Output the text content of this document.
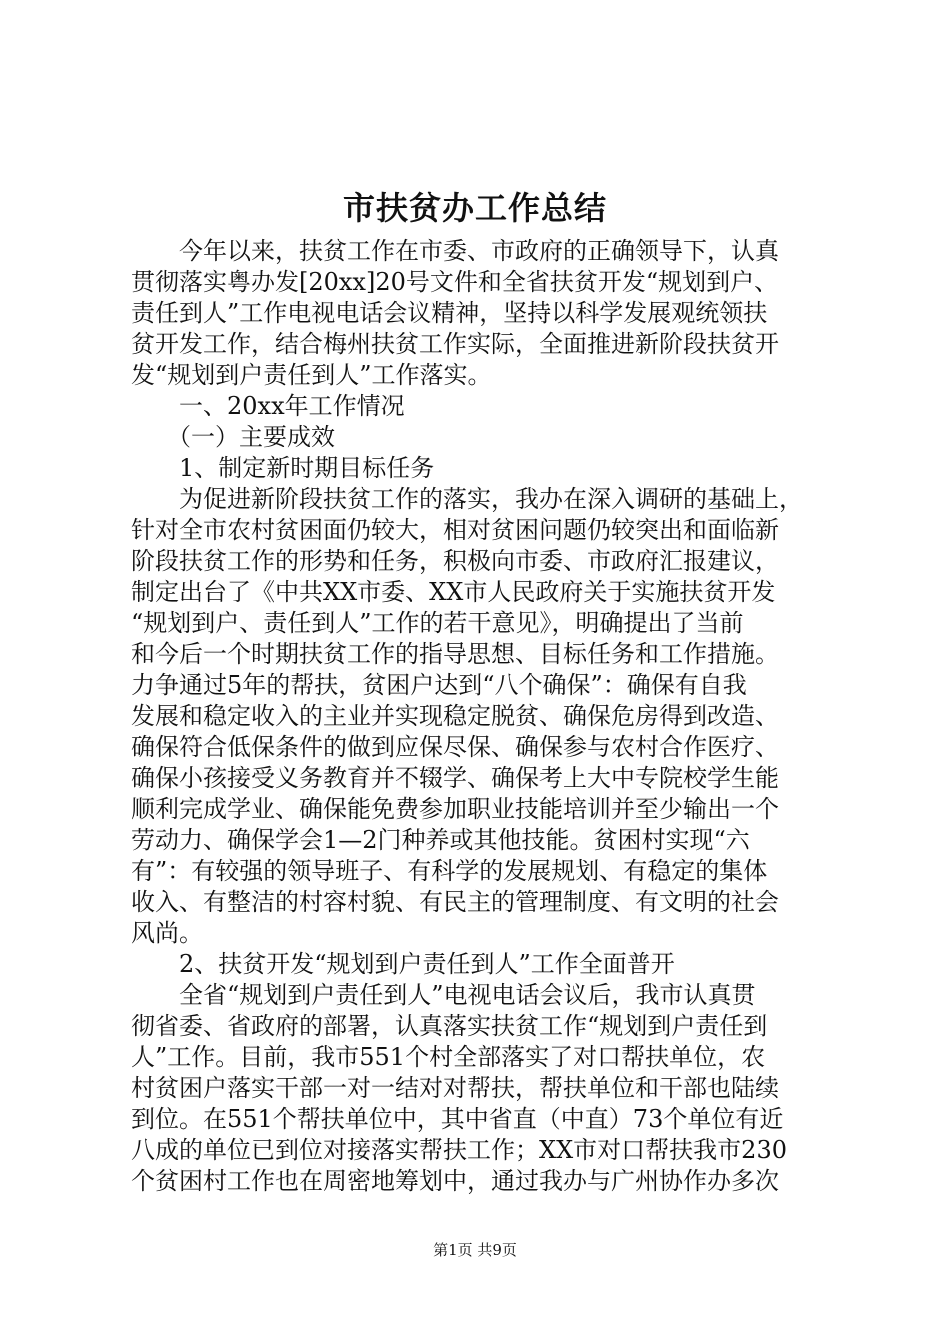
市扶贫办工作总结
　　今年以来，扶贫工作在市委、市政府的正确领导下，认真
贯彻落实粤办发[20xx]20号文件和全省扶贫开发“规划到户、
责任到人”工作电视电话会议精神，坚持以科学发展观统领扶
贫开发工作，结合梅州扶贫工作实际，全面推进新阶段扶贫开
发“规划到户责任到人”工作落实。
　　一、20xx年工作情况
　　（一）主要成效
　　1、制定新时期目标任务
　　为促进新阶段扶贫工作的落实，我办在深入调研的基础上，
针对全市农村贫困面仍较大，相对贫困问题仍较突出和面临新
阶段扶贫工作的形势和任务，积极向市委、市政府汇报建议，
制定出台了《中共XX市委、XX市人民政府关于实施扶贫开发
“规划到户、责任到人”工作的若干意见》，明确提出了当前
和今后一个时期扶贫工作的指导思想、目标任务和工作措施。
力争通过5年的帮扶，贫困户达到“八个确保”：确保有自我
发展和稳定收入的主业并实现稳定脱贫、确保危房得到改造、
确保符合低保条件的做到应保尽保、确保参与农村合作医疗、
确保小孩接受义务教育并不辍学、确保考上大中专院校学生能
顺利完成学业、确保能免费参加职业技能培训并至少输出一个
劳动力、确保学会1—2门种养或其他技能。贫困村实现“六
有”：有较强的领导班子、有科学的发展规划、有稳定的集体
收入、有整洁的村容村貌、有民主的管理制度、有文明的社会
风尚。
　　2、扶贫开发“规划到户责任到人”工作全面普开
　　全省“规划到户责任到人”电视电话会议后，我市认真贯
彻省委、省政府的部署，认真落实扶贫工作“规划到户责任到
人”工作。目前，我市551个村全部落实了对口帮扶单位，农
村贫困户落实干部一对一结对对帮扶，帮扶单位和干部也陆续
到位。在551个帮扶单位中，其中省直（中直）73个单位有近
八成的单位已到位对接落实帮扶工作；XX市对口帮扶我市230
个贫困村工作也在周密地筹划中，通过我办与广州协作办多次
第1页 共9页
